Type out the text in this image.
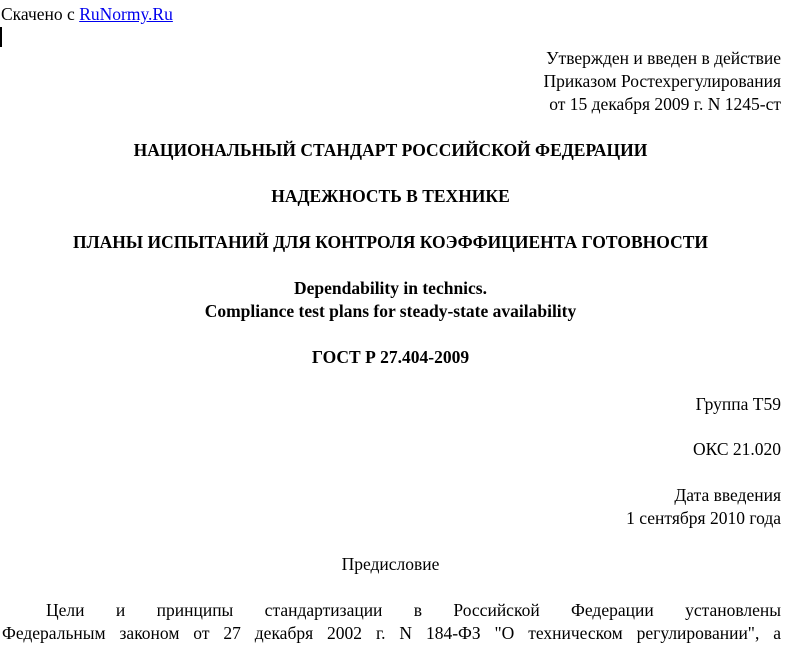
Скачено с RuNormy.Ru
Утвержден и введен в действие
Приказом Ростехрегулирования
от 15 декабря 2009 г. N 1245-ст
НАЦИОНАЛЬНЫЙ СТАНДАРТ РОССИЙСКОЙ ФЕДЕРАЦИИ
НАДЕЖНОСТЬ В ТЕХНИКЕ
ПЛАНЫ ИСПЫТАНИЙ ДЛЯ КОНТРОЛЯ КОЭФФИЦИЕНТА ГОТОВНОСТИ
Dependability in technics.
Compliance test plans for steady-state availability
ГОСТ Р 27.404-2009
Группа Т59
ОКС 21.020
Дата введения
1 сентября 2010 года
Предисловие
Цели и принципы стандартизации в Российской Федерации установлены
Федеральным законом от 27 декабря 2002 г. N 184-ФЗ "О техническом регулировании", а
